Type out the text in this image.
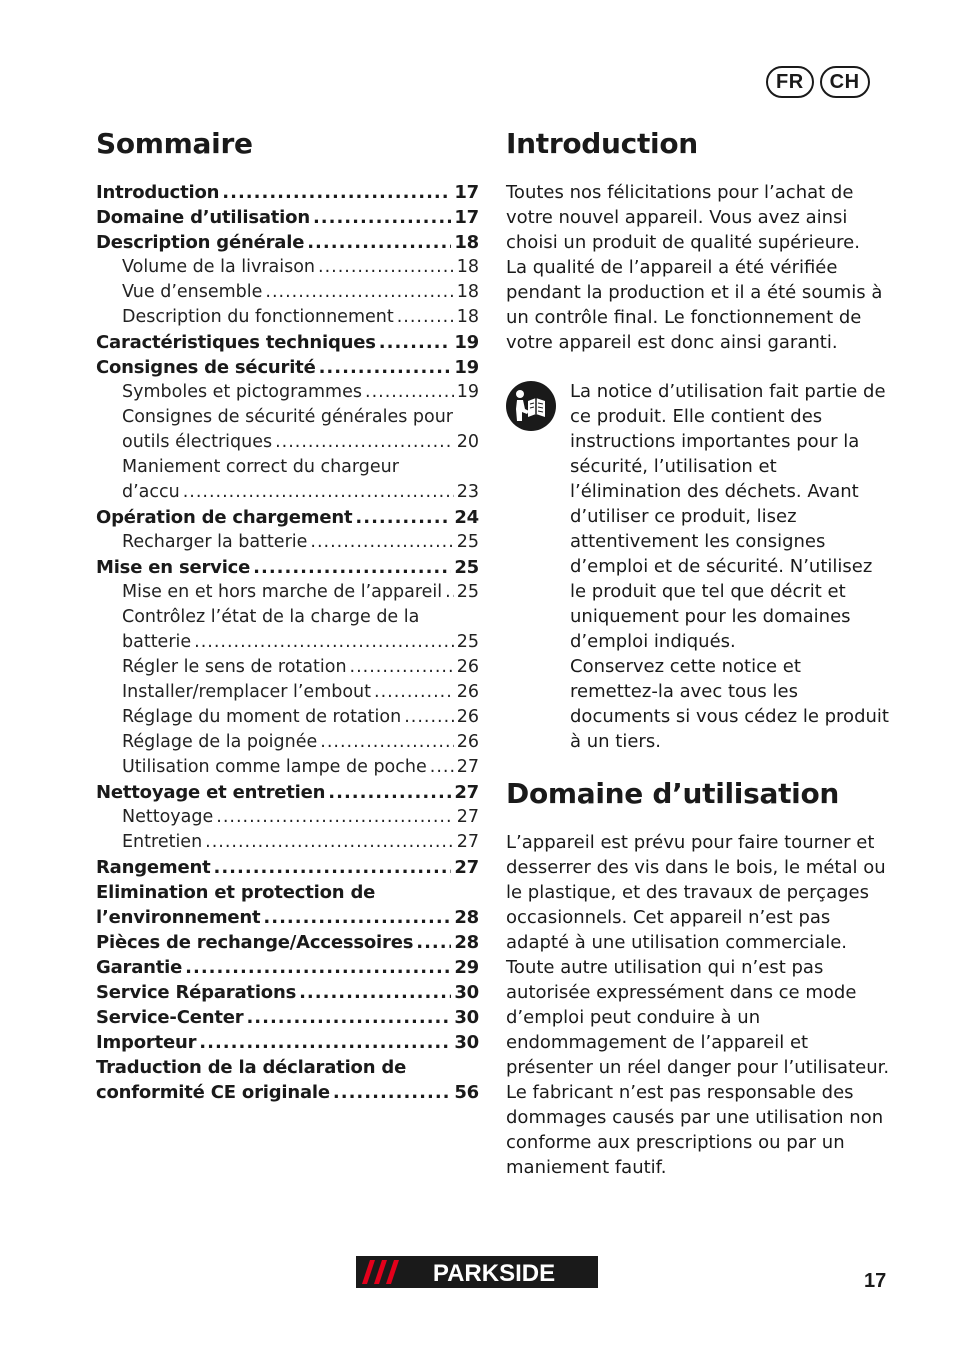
FR	CH
Sommaire
Introduction .....	17
Domaine d’utilisation .....	17
Description générale .....	18
Volume de la livraison .....	18
Vue d’ensemble .....	18
Description du fonctionnement .....	18
Caractéristiques techniques .....	19
Consignes de sécurité .....	19
Symboles et pictogrammes .....	19
Consignes de sécurité générales pour
outils électriques .....	20
Maniement correct du chargeur
d’accu .....	23
Opération de chargement .....	24
Recharger la batterie .....	25
Mise en service .....	25
Mise en et hors marche de l’appareil ..... 25
Contrôlez l’état de la charge de la
batterie .....	25
Régler le sens de rotation .....	26
Installer/remplacer l’embout .....	26
Réglage du moment de rotation .....	26
Réglage de la poignée .....	26
Utilisation comme lampe de poche ..... 27
Nettoyage et entretien .....	27
Nettoyage .....	27
Entretien .....	27
Rangement .....	27
Elimination et protection de
l’environnement .....	28
Pièces de rechange/Accessoires ..... 28
Garantie .....	29
Service Réparations .....	30
Service-Center .....	30
Importeur .....	30
Traduction de la déclaration de
conformité CE originale .....	56
Introduction

Toutes nos félicitations pour l’achat de votre nouvel appareil. Vous avez ainsi choisi un produit de qualité supérieure.

La qualité de l’appareil a été vérifiée pendant la production et il a été soumis à un contrôle final. Le fonctionnement de votre appareil est donc ainsi garanti.

La notice d’utilisation fait partie de ce produit. Elle contient des instructions importantes pour la sécurité, l’utilisation et l’élimination des déchets. Avant d’utiliser ce produit, lisez attentivement les consignes d’emploi et de sécurité. N’utilisez le produit que tel que décrit et uniquement pour les domaines d’emploi indiqués.

Conservez cette notice et remettez-la avec tous les documents si vous cédez le produit à un tiers.

Domaine d’utilisation

L’appareil est prévu pour faire tourner et desserrer des vis dans le bois, le métal ou le plastique, et des travaux de perçages occasionnels. Cet appareil n’est pas adapté à une utilisation commerciale.

Toute autre utilisation qui n’est pas autorisée expressément dans ce mode d’emploi peut conduire à un endommagement de l’appareil et présenter un réel danger pour l’utilisateur.

Le fabricant n’est pas responsable des dommages causés par une utilisation non conforme aux prescriptions ou par un maniement fautif.

PARKSIDE	17
